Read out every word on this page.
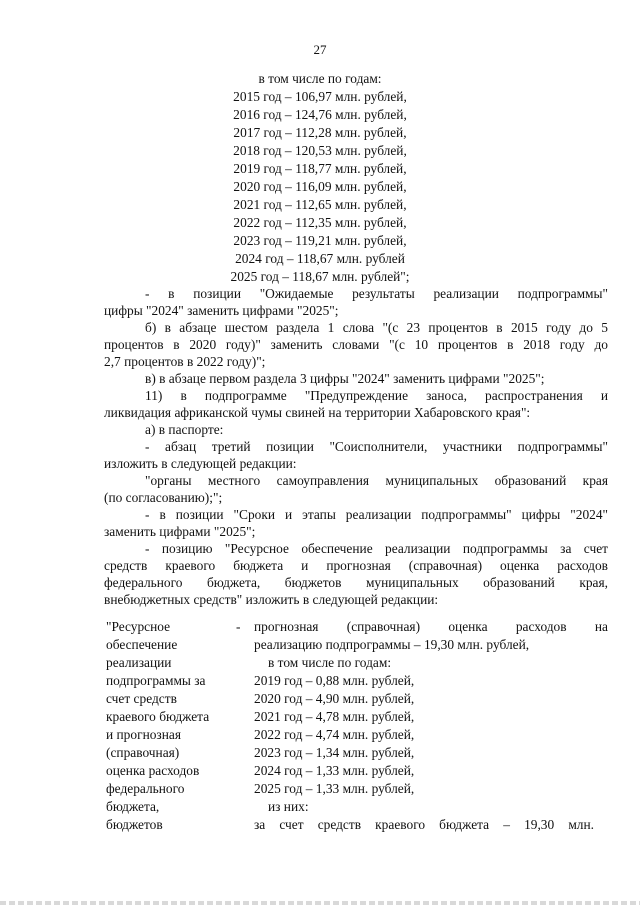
27
в том числе по годам:
2015 год – 106,97 млн. рублей,
2016 год – 124,76 млн. рублей,
2017 год – 112,28 млн. рублей,
2018 год – 120,53 млн. рублей,
2019 год – 118,77 млн. рублей,
2020 год – 116,09 млн. рублей,
2021 год – 112,65 млн. рублей,
2022 год – 112,35 млн. рублей,
2023 год – 119,21 млн. рублей,
2024 год – 118,67 млн. рублей
2025 год – 118,67 млн. рублей";
- в позиции "Ожидаемые результаты реализации подпрограммы"
цифры "2024" заменить цифрами "2025";
б) в абзаце шестом раздела 1 слова "(с 23 процентов в 2015 году до 5
процентов в 2020 году)" заменить словами "(с 10 процентов в 2018 году до
2,7 процентов в 2022 году)";
в) в абзаце первом раздела 3 цифры "2024" заменить цифрами "2025";
11) в подпрограмме "Предупреждение заноса, распространения и
ликвидация африканской чумы свиней на территории Хабаровского края":
а) в паспорте:
- абзац третий позиции "Соисполнители, участники подпрограммы"
изложить в следующей редакции:
"органы местного самоуправления муниципальных образований края
(по согласованию);";
- в позиции "Сроки и этапы реализации подпрограммы" цифры "2024"
заменить цифрами "2025";
- позицию "Ресурсное обеспечение реализации подпрограммы за счет
средств краевого бюджета и прогнозная (справочная) оценка расходов
федерального бюджета, бюджетов муниципальных образований края,
внебюджетных средств" изложить в следующей редакции:
"Ресурсное
обеспечение
реализации
подпрограммы за
счет средств
краевого бюджета
и прогнозная
(справочная)
оценка расходов
федерального
бюджета,
бюджетов
- прогнозная (справочная) оценка расходов на
реализацию подпрограммы – 19,30 млн. рублей,
в том числе по годам:
2019 год – 0,88 млн. рублей,
2020 год – 4,90 млн. рублей,
2021 год – 4,78 млн. рублей,
2022 год – 4,74 млн. рублей,
2023 год – 1,34 млн. рублей,
2024 год – 1,33 млн. рублей,
2025 год – 1,33 млн. рублей,
из них:
за счет средств краевого бюджета – 19,30 млн.
